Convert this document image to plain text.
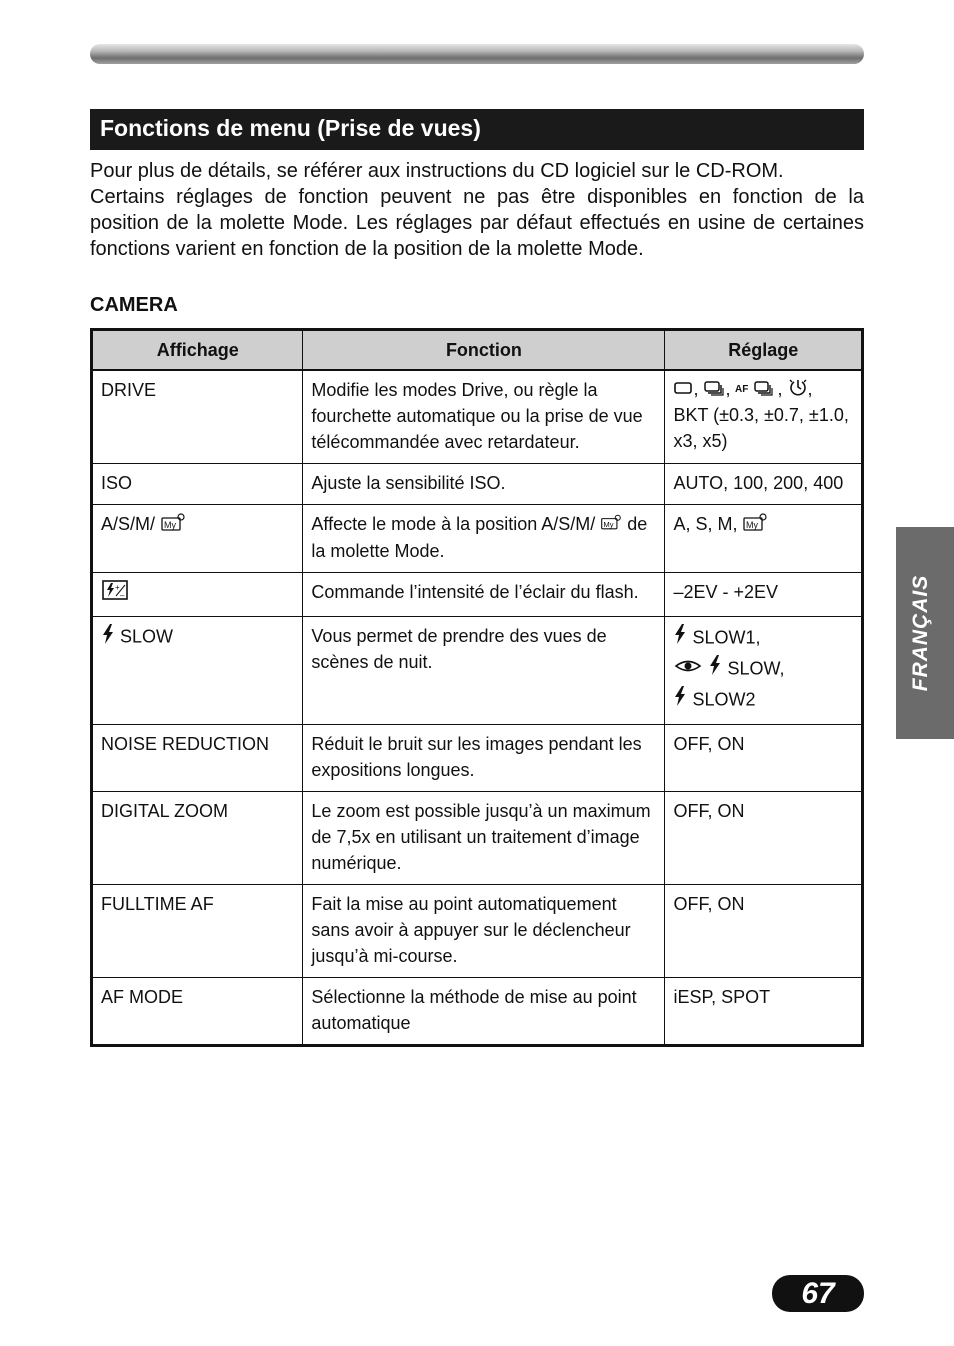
Fonctions de menu (Prise de vues)

Pour plus de détails, se référer aux instructions du CD logiciel sur le CD-ROM.

Certains réglages de fonction peuvent ne pas être disponibles en fonction de la position de la molette Mode. Les réglages par défaut effectués en usine de certaines fonctions varient en fonction de la position de la molette Mode.

CAMERA
Affichage	Fonction	Réglage
DRIVE	Modifie les modes Drive, ou règle la fourchette automatique ou la prise de vue télécommandée avec retardateur.	, , AF , ,
BKT (±0.3, ±0.7, ±1.0, x3, x5)

ISO	Ajuste la sensibilité ISO.	AUTO, 100, 200, 400
A/S/M/ My	Affecte le mode à la position A/S/M/ My de la molette Mode.	A, S, M, My

+
–	Commande l’intensité de l’éclair du flash.	–2EV - +2EV
SLOW	Vous permet de prendre des vues de scènes de nuit.	SLOW1,
SLOW,
SLOW2

NOISE REDUCTION	Réduit le bruit sur les images pendant les expositions longues.	OFF, ON
DIGITAL ZOOM	Le zoom est possible jusqu’à un maximum de 7,5x en utilisant un traitement d’image numérique.	OFF, ON
FULLTIME AF	Fait la mise au point automatiquement sans avoir à appuyer sur le déclencheur jusqu’à mi-course.	OFF, ON
AF MODE	Sélectionne la méthode de mise au point automatique	iESP, SPOT
FRANÇAIS
67
